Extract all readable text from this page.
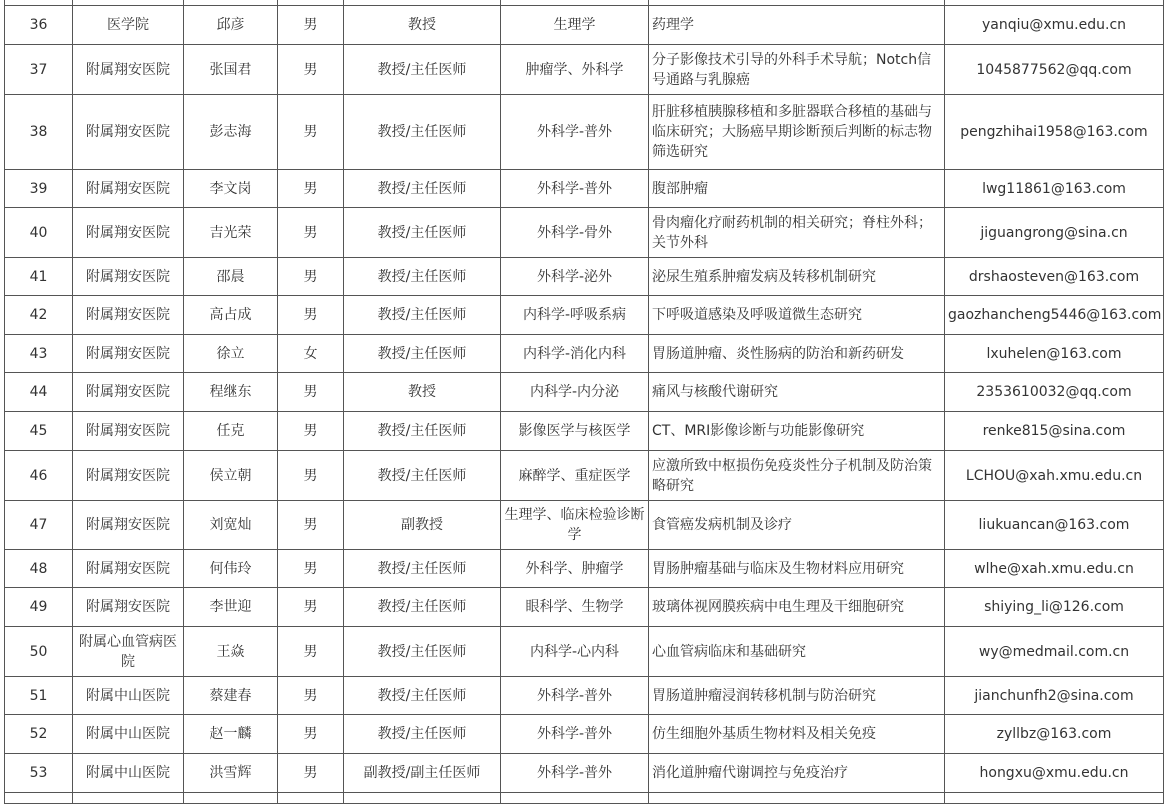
36	医学院	邱彦	男	教授	生理学	药理学	yanqiu@xmu.edu.cn
37	附属翔安医院	张国君	男	教授/主任医师	肿瘤学、外科学	分子影像技术引导的外科手术导航；Notch信号通路与乳腺癌	1045877562@qq.com
38	附属翔安医院	彭志海	男	教授/主任医师	外科学-普外	肝脏移植胰腺移植和多脏器联合移植的基础与临床研究；大肠癌早期诊断预后判断的标志物筛选研究	pengzhihai1958@163.com
39	附属翔安医院	李文岗	男	教授/主任医师	外科学-普外	腹部肿瘤	lwg11861@163.com
40	附属翔安医院	吉光荣	男	教授/主任医师	外科学-骨外	骨肉瘤化疗耐药机制的相关研究；脊柱外科；关节外科	jiguangrong@sina.cn
41	附属翔安医院	邵晨	男	教授/主任医师	外科学-泌外	泌尿生殖系肿瘤发病及转移机制研究	drshaosteven@163.com
42	附属翔安医院	高占成	男	教授/主任医师	内科学-呼吸系病	下呼吸道感染及呼吸道微生态研究	gaozhancheng5446@163.com
43	附属翔安医院	徐立	女	教授/主任医师	内科学-消化内科	胃肠道肿瘤、炎性肠病的防治和新药研发	lxuhelen@163.com
44	附属翔安医院	程继东	男	教授	内科学-内分泌	痛风与核酸代谢研究	2353610032@qq.com
45	附属翔安医院	任克	男	教授/主任医师	影像医学与核医学	CT、MRI影像诊断与功能影像研究	renke815@sina.com
46	附属翔安医院	侯立朝	男	教授/主任医师	麻醉学、重症医学	应激所致中枢损伤免疫炎性分子机制及防治策略研究	LCHOU@xah.xmu.edu.cn
47	附属翔安医院	刘宽灿	男	副教授	生理学、临床检验诊断学	食管癌发病机制及诊疗	liukuancan@163.com
48	附属翔安医院	何伟玲	男	教授/主任医师	外科学、肿瘤学	胃肠肿瘤基础与临床及生物材料应用研究	wlhe@xah.xmu.edu.cn
49	附属翔安医院	李世迎	男	教授/主任医师	眼科学、生物学	玻璃体视网膜疾病中电生理及干细胞研究	shiying_li@126.com
50	附属心血管病医院	王焱	男	教授/主任医师	内科学-心内科	心血管病临床和基础研究	wy@medmail.com.cn
51	附属中山医院	蔡建春	男	教授/主任医师	外科学-普外	胃肠道肿瘤浸润转移机制与防治研究	jianchunfh2@sina.com
52	附属中山医院	赵一麟	男	教授/主任医师	外科学-普外	仿生细胞外基质生物材料及相关免疫	zyllbz@163.com
53	附属中山医院	洪雪辉	男	副教授/副主任医师	外科学-普外	消化道肿瘤代谢调控与免疫治疗	hongxu@xmu.edu.cn
